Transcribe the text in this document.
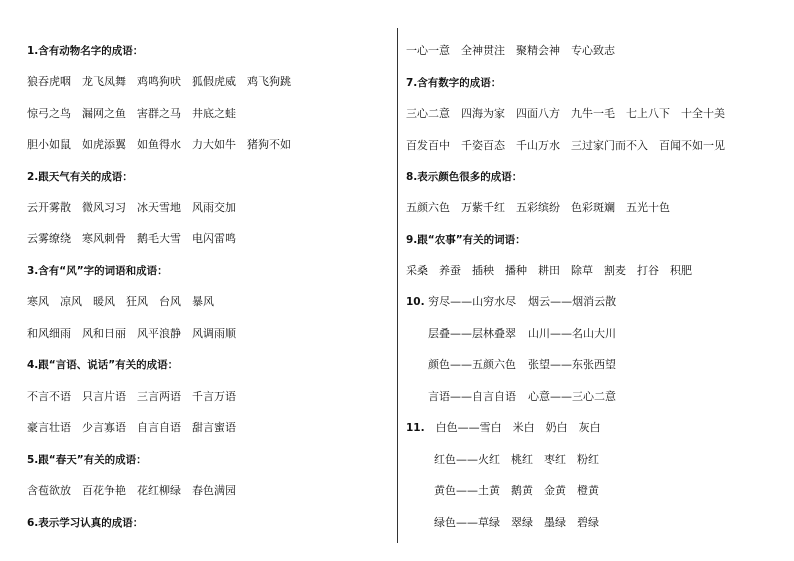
1.含有动物名字的成语：
狼吞虎咽 龙飞凤舞 鸡鸣狗吠 狐假虎威 鸡飞狗跳
惊弓之鸟 漏网之鱼 害群之马 井底之蛙
胆小如鼠 如虎添翼 如鱼得水 力大如牛 猪狗不如
2.跟天气有关的成语：
云开雾散 微风习习 冰天雪地 风雨交加
云雾缭绕 寒风刺骨 鹅毛大雪 电闪雷鸣
3.含有“风”字的词语和成语：
寒风 凉风 暖风 狂风 台风 暴风
和风细雨 风和日丽 风平浪静 风调雨顺
4.跟“言语、说话”有关的成语：
不言不语 只言片语 三言两语 千言万语
豪言壮语 少言寡语 自言自语 甜言蜜语
5.跟“春天”有关的成语：
含苞欲放 百花争艳 花红柳绿 春色满园
6.表示学习认真的成语：
一心一意 全神贯注 聚精会神 专心致志
7.含有数字的成语：
三心二意 四海为家 四面八方 九牛一毛 七上八下 十全十美
百发百中 千姿百态 千山万水 三过家门而不入 百闻不如一见
8.表示颜色很多的成语：
五颜六色 万紫千红 五彩缤纷 色彩斑斓 五光十色
9.跟“农事”有关的词语：
采桑 养蚕 插秧 播种 耕田 除草 割麦 打谷 积肥
10. 穷尽——山穷水尽 烟云——烟消云散
层叠——层林叠翠 山川——名山大川
颜色——五颜六色 张望——东张西望
言语——自言自语 心意——三心二意
11. 白色——雪白 米白 奶白 灰白
红色——火红 桃红 枣红 粉红
黄色——土黄 鹅黄 金黄 橙黄
绿色——草绿 翠绿 墨绿 碧绿
